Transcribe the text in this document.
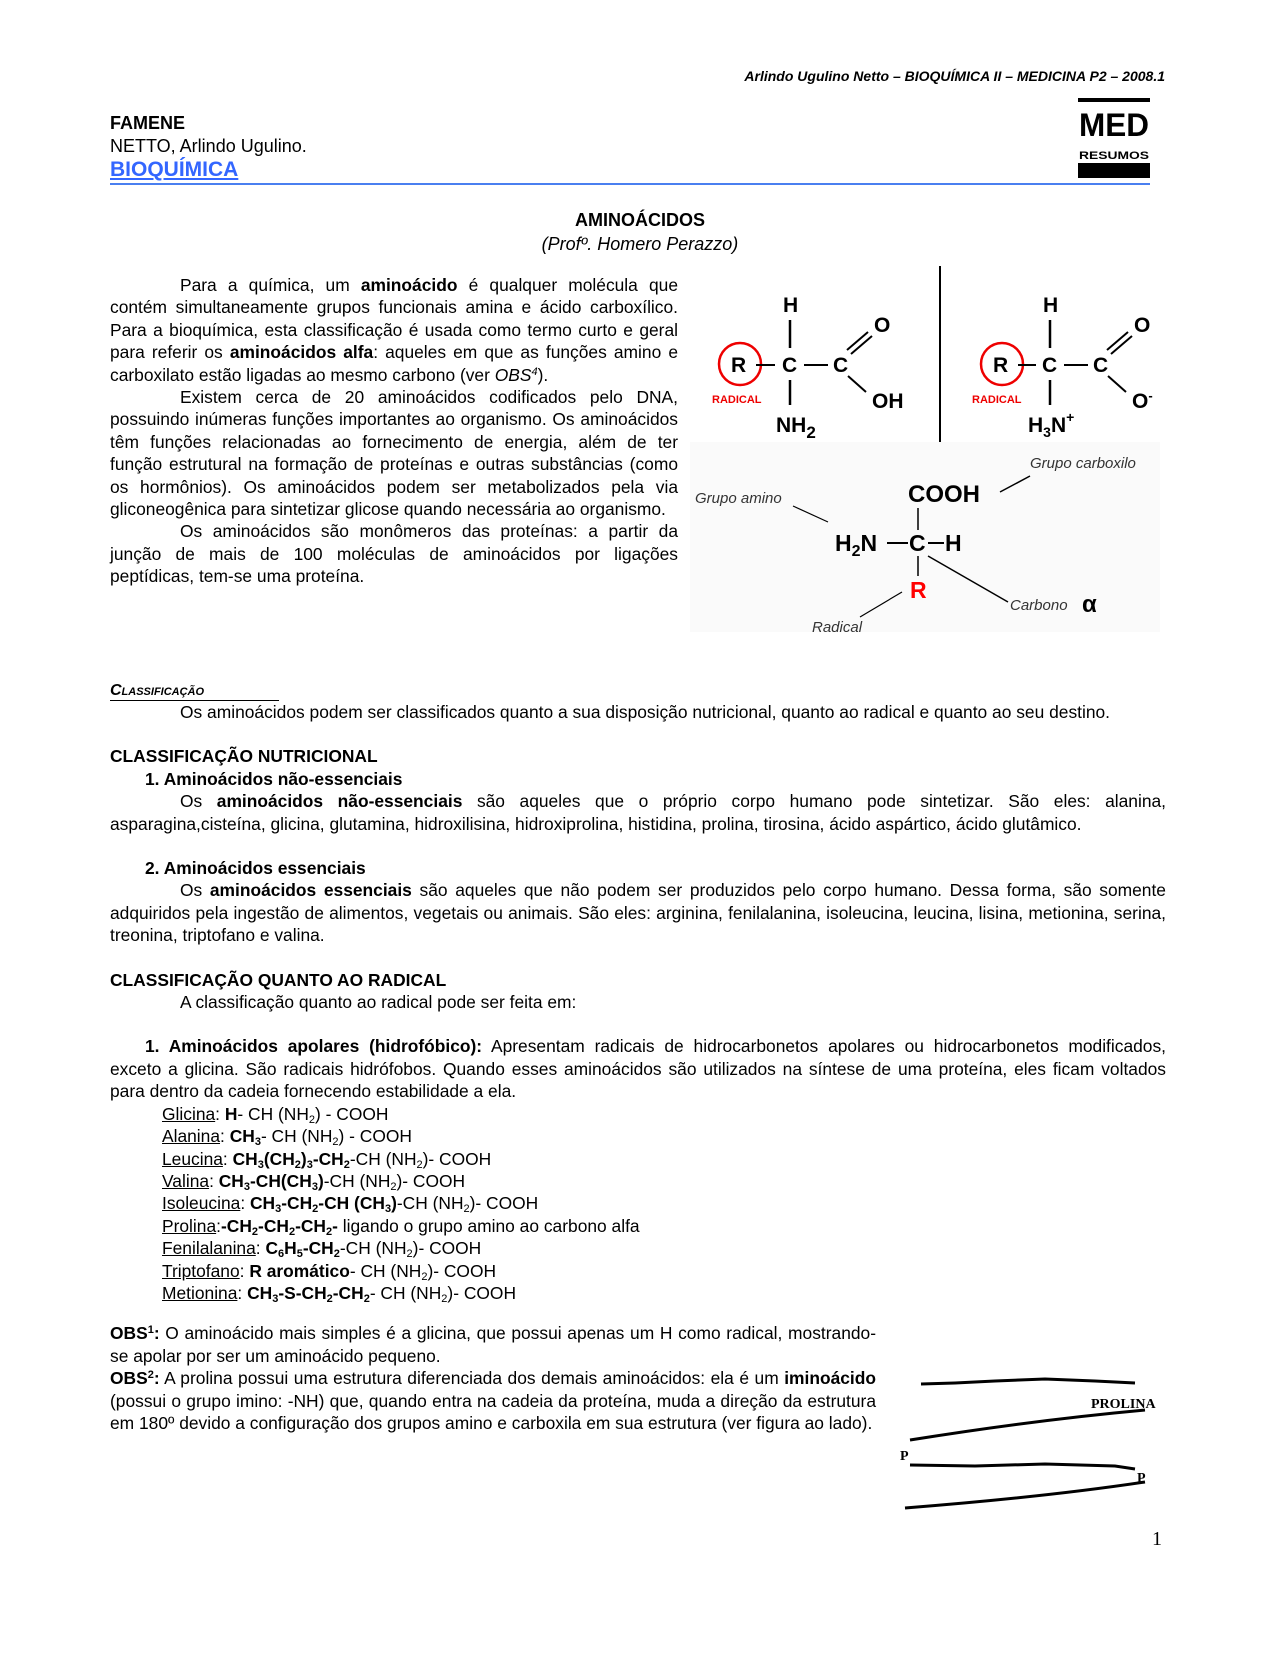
Arlindo Ugulino Netto – BIOQUÍMICA II – MEDICINA P2 – 2008.1
FAMENE
NETTO, Arlindo Ugulino.
BIOQUÍMICA
MED
RESUMOS
AMINOÁCIDOS
(Profº. Homero Perazzo)

Para a química, um aminoácido é qualquer molécula que contém simultaneamente grupos funcionais amina e ácido carboxílico. Para a bioquímica, esta classificação é usada como termo curto e geral para referir os aminoácidos alfa: aqueles em que as funções amino e carboxilato estão ligadas ao mesmo carbono (ver OBS$^4$).

Existem cerca de 20 aminoácidos codificados pelo DNA, possuindo inúmeras funções importantes ao organismo. Os aminoácidos têm funções relacionadas ao fornecimento de energia, além de ter função estrutural na formação de proteínas e outras substâncias (como os hormônios). Os aminoácidos podem ser metabolizados pela via gliconeogênica para sintetizar glicose quando necessária ao organismo.

Os aminoácidos são monômeros das proteínas: a partir da junção de mais de 100 moléculas de aminoácidos por ligações peptídicas, tem-se uma proteína.

R C
H
C
O
OH
$NH_2$
RADICAL
R C
H
C
O
O-
$H_3N^+$
RADICAL
Grupo carboxilo
Grupo amino	COOH
$H_2N$ C H
R
Carbono α
Radical
Classificação

Os aminoácidos podem ser classificados quanto a sua disposição nutricional, quanto ao radical e quanto ao seu destino.

CLASSIFICAÇÃO NUTRICIONAL
1. Aminoácidos não-essenciais

Os aminoácidos não-essenciais são aqueles que o próprio corpo humano pode sintetizar. São eles: alanina, asparagina,cisteína, glicina, glutamina, hidroxilisina, hidroxiprolina, histidina, prolina, tirosina, ácido aspártico, ácido glutâmico.

2. Aminoácidos essenciais

Os aminoácidos essenciais são aqueles que não podem ser produzidos pelo corpo humano. Dessa forma, são somente adquiridos pela ingestão de alimentos, vegetais ou animais. São eles: arginina, fenilalanina, isoleucina, leucina, lisina, metionina, serina, treonina, triptofano e valina.

CLASSIFICAÇÃO QUANTO AO RADICAL

A classificação quanto ao radical pode ser feita em:

1. Aminoácidos apolares (hidrofóbico): Apresentam radicais de hidrocarbonetos apolares ou hidrocarbonetos modificados, exceto a glicina. São radicais hidrófobos. Quando esses aminoácidos são utilizados na síntese de uma proteína, eles ficam voltados para dentro da cadeia fornecendo estabilidade a ela.

Glicina: H- CH $(NH_2)$ - COOH
Alanina: $CH_3-$ CH $(NH_2)$ - COOH
Leucina: $CH_3(CH_2)_3-CH_2-CH$ $(NH_2)-$ COOH
Valina: $CH_3-CH(CH_3)-CH$ $(NH_2)-$ COOH
Isoleucina: $CH_3-CH_2-CH$ $(CH_3)-CH$ $(NH_2)-$ COOH
$Prolina:-CH_2-CH_2-CH_2-$ ligando o grupo amino ao carbono alfa
Fenilalanina: $C_6H_5-CH_2-CH$ $(NH_2)-$ COOH
Triptofano: R aromático- CH $(NH_2)-$ COOH
Metionina: $CH_3-S-CH_2-CH_2-$ CH $(NH_2)-$ COOH

OBS$^1$: O aminoácido mais simples é a glicina, que possui apenas um H como radical, mostrando-se apolar por ser um aminoácido pequeno.

OBS$^2$: A prolina possui uma estrutura diferenciada dos demais aminoácidos: ela é um iminoácido (possui o grupo imino: -NH) que, quando entra na cadeia da proteína, muda a direção da estrutura em 180º devido a configuração dos grupos amino e carboxila em sua estrutura (ver figura ao lado).

PROLINA
P
P
1
